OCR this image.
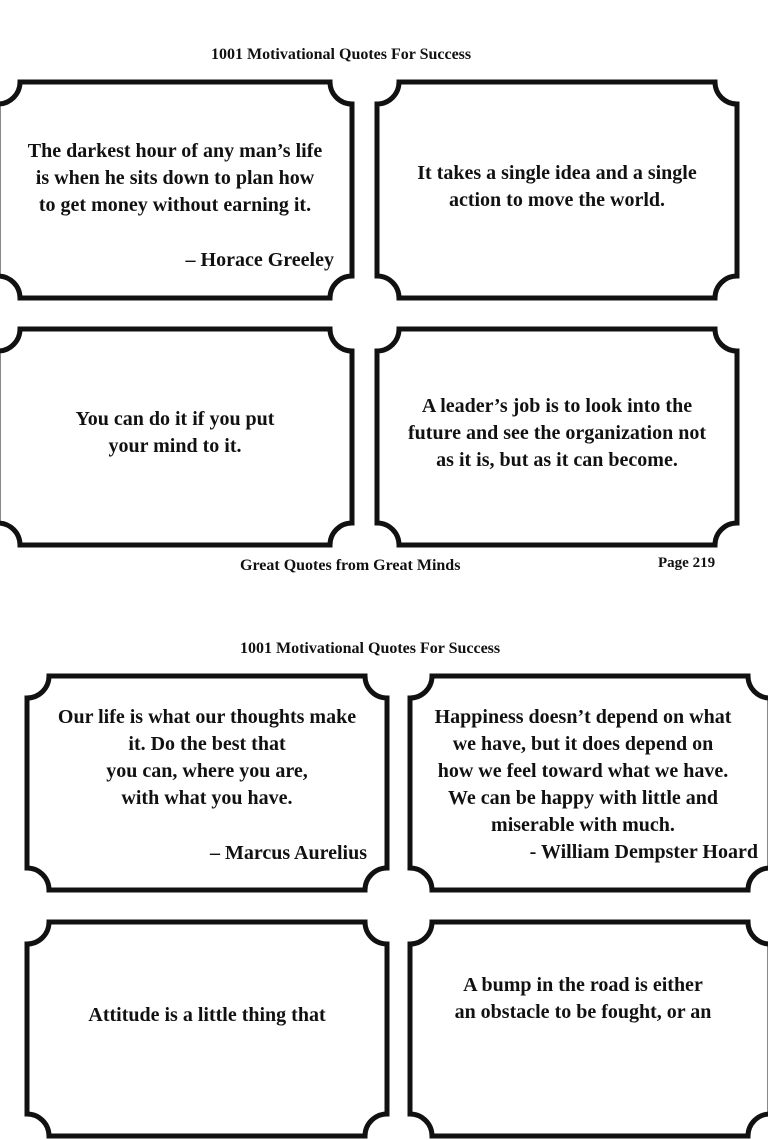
1001 Motivational Quotes For Success
The darkest hour of any man’s life
is when he sits down to plan how
to get money without earning it.
– Horace Greeley
It takes a single idea and a single
action to move the world.
You can do it if you put
your mind to it.
A leader’s job is to look into the
future and see the organization not
as it is, but as it can become.
Great Quotes from Great Minds	Page 219
1001 Motivational Quotes For Success
Our life is what our thoughts make
it. Do the best that
you can, where you are,
with what you have.
– Marcus Aurelius
Happiness doesn’t depend on what
we have, but it does depend on
how we feel toward what we have.
We can be happy with little and
miserable with much.
- William Dempster Hoard
Attitude is a little thing that
A bump in the road is either
an obstacle to be fought, or an
